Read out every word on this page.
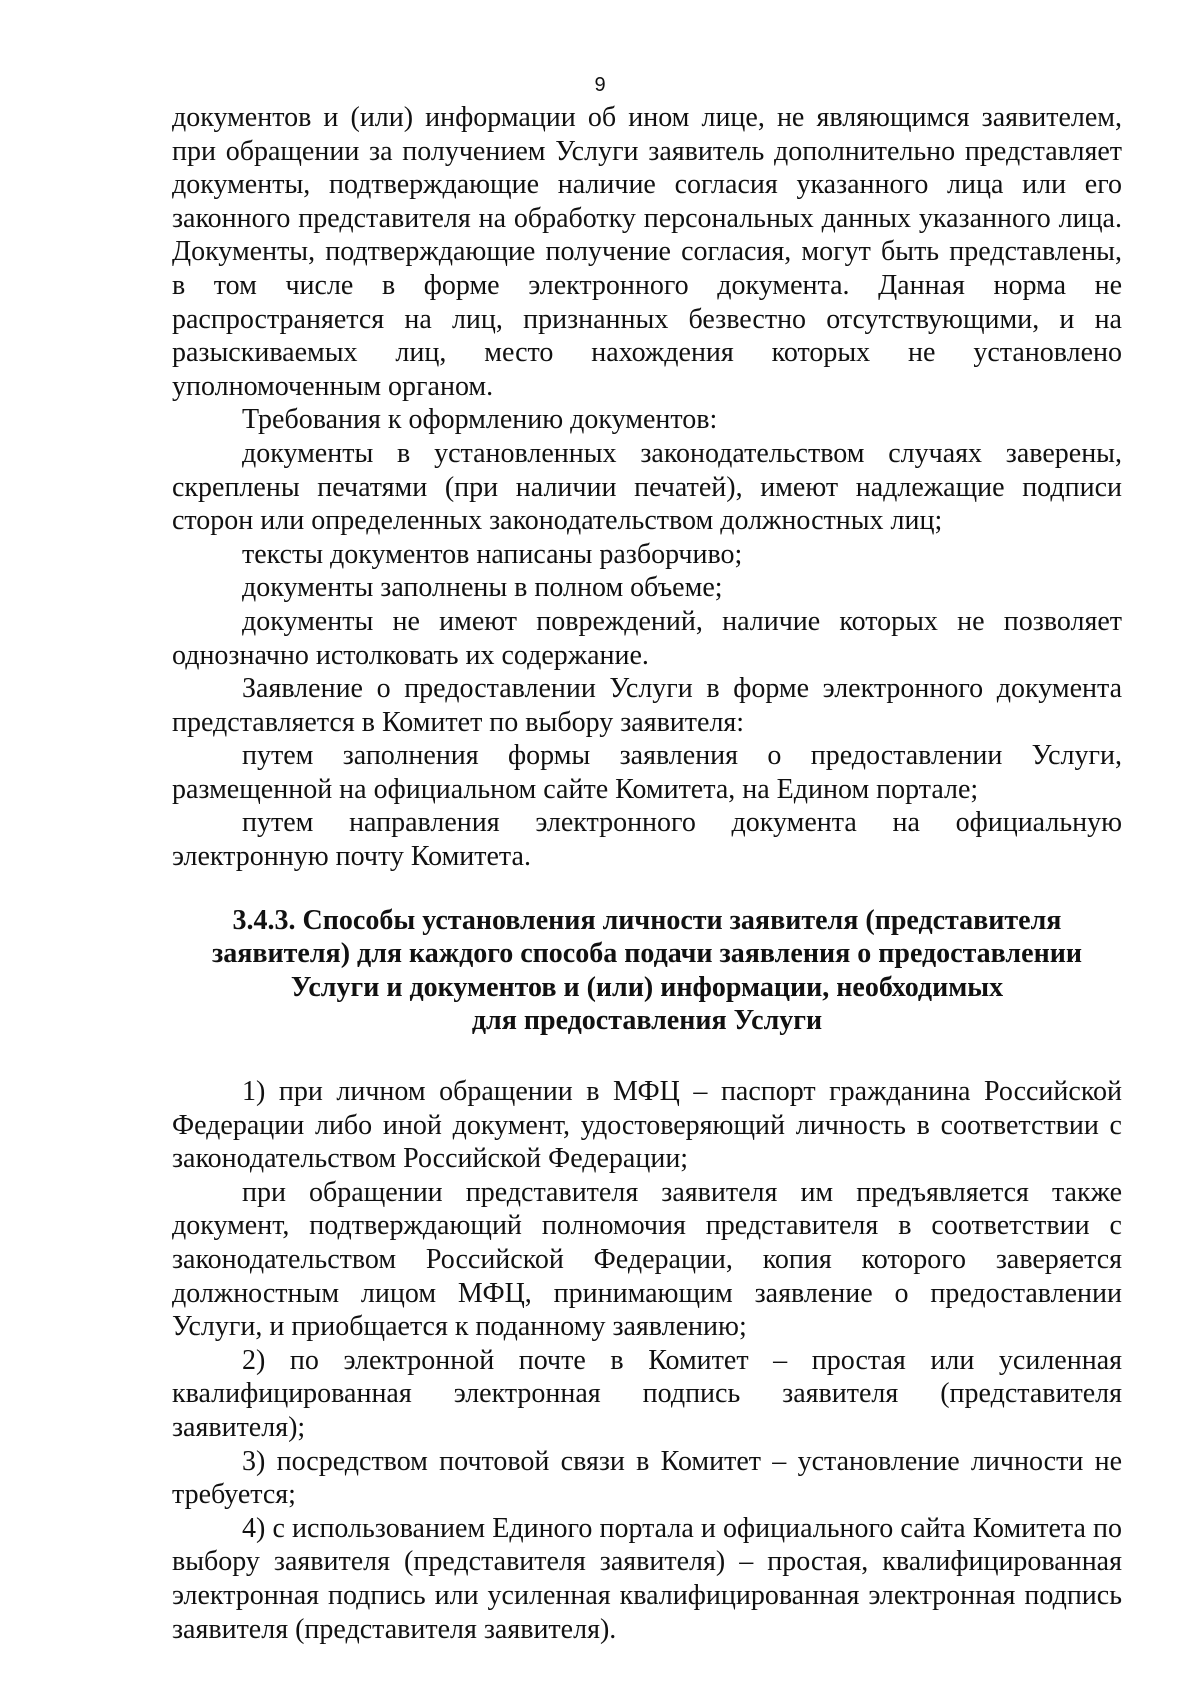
9

документов и (или) информации об ином лице, не являющимся заявителем, при обращении за получением Услуги заявитель дополнительно представляет документы, подтверждающие наличие согласия указанного лица или его законного представителя на обработку персональных данных указанного лица. Документы, подтверждающие получение согласия, могут быть представлены, в том числе в форме электронного документа. Данная норма не распространяется на лиц, признанных безвестно отсутствующими, и на разыскиваемых лиц, место нахождения которых не установлено уполномоченным органом.

Требования к оформлению документов:

документы в установленных законодательством случаях заверены, скреплены печатями (при наличии печатей), имеют надлежащие подписи сторон или определенных законодательством должностных лиц;

тексты документов написаны разборчиво;

документы заполнены в полном объеме;

документы не имеют повреждений, наличие которых не позволяет однозначно истолковать их содержание.

Заявление о предоставлении Услуги в форме электронного документа представляется в Комитет по выбору заявителя:

путем заполнения формы заявления о предоставлении Услуги, размещенной на официальном сайте Комитета, на Едином портале;

путем направления электронного документа на официальную электронную почту Комитета.

3.4.3. Способы установления личности заявителя (представителя
заявителя) для каждого способа подачи заявления о предоставлении
Услуги и документов и (или) информации, необходимых
для предоставления Услуги

1) при личном обращении в МФЦ – паспорт гражданина Российской Федерации либо иной документ, удостоверяющий личность в соответствии с законодательством Российской Федерации;

при обращении представителя заявителя им предъявляется также документ, подтверждающий полномочия представителя в соответствии с законодательством Российской Федерации, копия которого заверяется должностным лицом МФЦ, принимающим заявление о предоставлении Услуги, и приобщается к поданному заявлению;

2) по электронной почте в Комитет – простая или усиленная квалифицированная электронная подпись заявителя (представителя заявителя);

3) посредством почтовой связи в Комитет – установление личности не требуется;

4) с использованием Единого портала и официального сайта Комитета по выбору заявителя (представителя заявителя) – простая, квалифицированная электронная подпись или усиленная квалифицированная электронная подпись заявителя (представителя заявителя).
